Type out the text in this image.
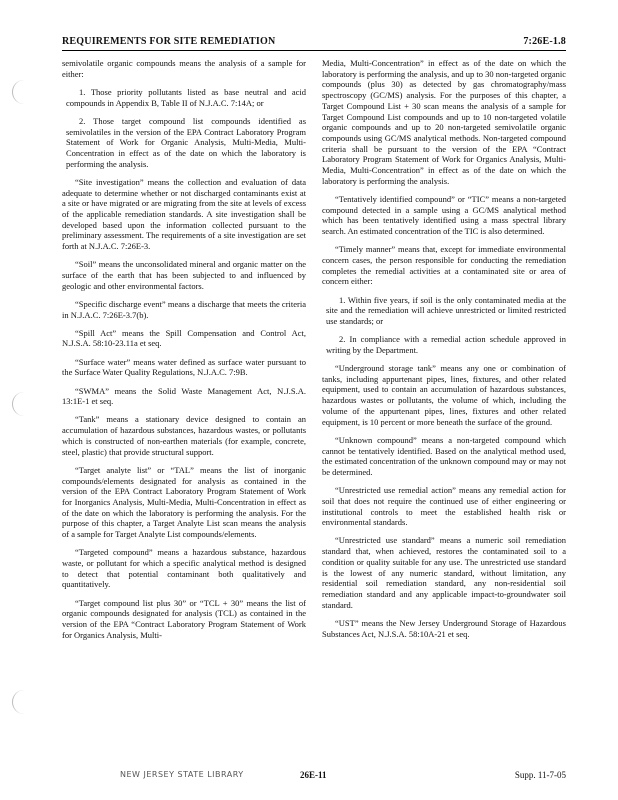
REQUIREMENTS FOR SITE REMEDIATION	7:26E-1.8

semivolatile organic compounds means the analysis of a sample for either:

1. Those priority pollutants listed as base neutral and acid compounds in Appendix B, Table II of N.J.A.C. 7:14A; or

2. Those target compound list compounds identified as semivolatiles in the version of the EPA Contract Laboratory Program Statement of Work for Organic Analysis, Multi-Media, Multi-Concentration in effect as of the date on which the laboratory is performing the analysis.

“Site investigation” means the collection and evaluation of data adequate to determine whether or not discharged contaminants exist at a site or have migrated or are migrating from the site at levels of excess of the applicable remediation standards. A site investigation shall be developed based upon the information collected pursuant to the preliminary assessment. The requirements of a site investigation are set forth at N.J.A.C. 7:26E-3.

“Soil” means the unconsolidated mineral and organic matter on the surface of the earth that has been subjected to and influenced by geologic and other environmental factors.

“Specific discharge event” means a discharge that meets the criteria in N.J.A.C. 7:26E-3.7(b).

“Spill Act” means the Spill Compensation and Control Act, N.J.S.A. 58:10-23.11a et seq.

“Surface water” means water defined as surface water pursuant to the Surface Water Quality Regulations, N.J.A.C. 7:9B.

“SWMA” means the Solid Waste Management Act, N.J.S.A. 13:1E-1 et seq.

“Tank” means a stationary device designed to contain an accumulation of hazardous substances, hazardous wastes, or pollutants which is constructed of non-earthen materials (for example, concrete, steel, plastic) that provide structural support.

“Target analyte list” or “TAL” means the list of inorganic compounds/elements designated for analysis as contained in the version of the EPA Contract Laboratory Program Statement of Work for Inorganics Analysis, Multi-Media, Multi-Concentration in effect as of the date on which the laboratory is performing the analysis. For the purpose of this chapter, a Target Analyte List scan means the analysis of a sample for Target Analyte List compounds/elements.

“Targeted compound” means a hazardous substance, hazardous waste, or pollutant for which a specific analytical method is designed to detect that potential contaminant both qualitatively and quantitatively.

“Target compound list plus 30” or “TCL + 30” means the list of organic compounds designated for analysis (TCL) as contained in the version of the EPA “Contract Laboratory Program Statement of Work for Organics Analysis, Multi-

Media, Multi-Concentration” in effect as of the date on which the laboratory is performing the analysis, and up to 30 non-targeted organic compounds (plus 30) as detected by gas chromatography/mass spectroscopy (GC/MS) analysis. For the purposes of this chapter, a Target Compound List + 30 scan means the analysis of a sample for Target Compound List compounds and up to 10 non-targeted volatile organic compounds and up to 20 non-targeted semivolatile organic compounds using GC/MS analytical methods. Non-targeted compound criteria shall be pursuant to the version of the EPA “Contract Laboratory Program Statement of Work for Organics Analysis, Multi-Media, Multi-Concentration” in effect as of the date on which the laboratory is performing the analysis.

“Tentatively identified compound” or “TIC” means a non-targeted compound detected in a sample using a GC/MS analytical method which has been tentatively identified using a mass spectral library search. An estimated concentration of the TIC is also determined.

“Timely manner” means that, except for immediate environmental concern cases, the person responsible for conducting the remediation completes the remedial activities at a contaminated site or area of concern either:

1. Within five years, if soil is the only contaminated media at the site and the remediation will achieve unrestricted or limited restricted use standards; or

2. In compliance with a remedial action schedule approved in writing by the Department.

“Underground storage tank” means any one or combination of tanks, including appurtenant pipes, lines, fixtures, and other related equipment, used to contain an accumulation of hazardous substances, hazardous wastes or pollutants, the volume of which, including the volume of the appurtenant pipes, lines, fixtures and other related equipment, is 10 percent or more beneath the surface of the ground.

“Unknown compound” means a non-targeted compound which cannot be tentatively identified. Based on the analytical method used, the estimated concentration of the unknown compound may or may not be determined.

“Unrestricted use remedial action” means any remedial action for soil that does not require the continued use of either engineering or institutional controls to meet the established health risk or environmental standards.

“Unrestricted use standard” means a numeric soil remediation standard that, when achieved, restores the contaminated soil to a condition or quality suitable for any use. The unrestricted use standard is the lowest of any numeric standard, without limitation, any residential soil remediation standard, any non-residential soil remediation standard and any applicable impact-to-groundwater soil standard.

“UST” means the New Jersey Underground Storage of Hazardous Substances Act, N.J.S.A. 58:10A-21 et seq.

NEW JERSEY STATE LIBRARY	26E-11	Supp. 11-7-05
